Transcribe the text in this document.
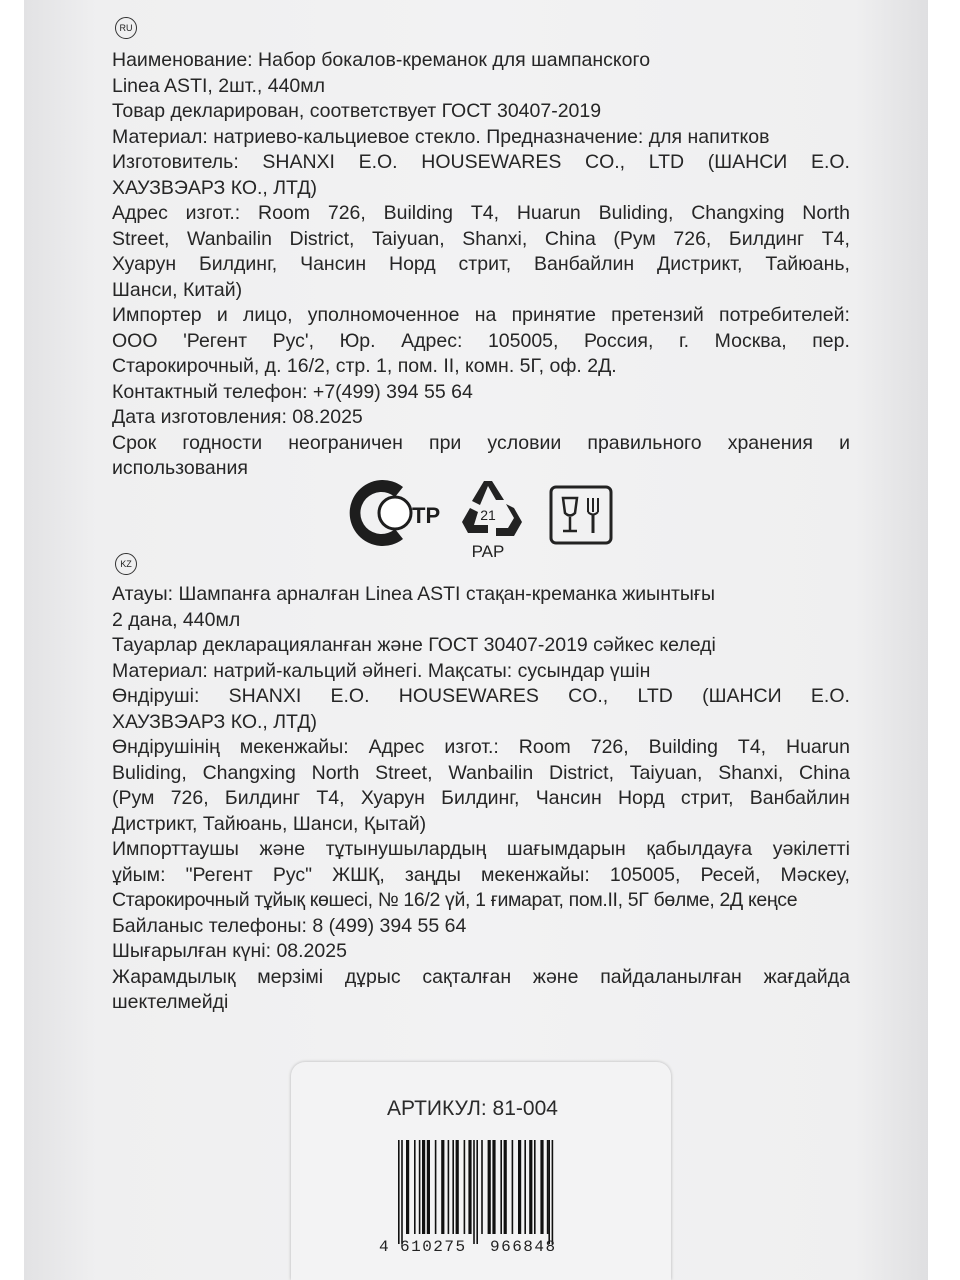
RU
Наименование: Набор бокалов-креманок для шампанского
Linea ASTI, 2шт., 440мл
Товар декларирован, соответствует ГОСТ 30407-2019
Материал: натриево-кальциевое стекло. Предназначение: для напитков
Изготовитель: SHANXI E.O. HOUSEWARES CO., LTD (ШАНСИ Е.О.
ХАУЗВЭАРЗ КО., ЛТД)
Адрес изгот.: Room 726, Building T4, Huarun Buliding, Changxing North
Street, Wanbailin District, Taiyuan, Shanxi, China (Рум 726, Билдинг Т4,
Хуарун Билдинг, Чансин Норд стрит, Ванбайлин Дистрикт, Тайюань,
Шанси, Китай)
Импортер и лицо, уполномоченное на принятие претензий потребителей:
ООО 'Регент Рус', Юр. Адрес: 105005, Россия, г. Москва, пер.
Старокирочный, д. 16/2, стр. 1, пом. II, комн. 5Г, оф. 2Д.
Контактный телефон: +7(499) 394 55 64
Дата изготовления: 08.2025
Срок годности неограничен при условии правильного хранения и
использования
ТР	21
PAP
KZ
Атауы: Шампанға арналған Linea ASTI стақан-креманка жиынтығы
2 дана, 440мл
Тауарлар декларацияланған және ГОСТ 30407-2019 сәйкес келеді
Материал: натрий-кальций әйнегі. Мақсаты: сусындар үшін
Өндіруші: SHANXI E.O. HOUSEWARES CO., LTD (ШАНСИ Е.О.
ХАУЗВЭАРЗ КО., ЛТД)
Өндірушінің мекенжайы: Адрес изгот.: Room 726, Building T4, Huarun
Buliding, Changxing North Street, Wanbailin District, Taiyuan, Shanxi, China
(Рум 726, Билдинг Т4, Хуарун Билдинг, Чансин Норд стрит, Ванбайлин
Дистрикт, Тайюань, Шанси, Қытай)
Импорттаушы және тұтынушылардың шағымдарын қабылдауға уәкілетті
ұйым: "Регент Рус" ЖШҚ, заңды мекенжайы: 105005, Ресей, Мәскеу,
Старокирочный тұйық көшесі, № 16/2 үй, 1 ғимарат, пом.II, 5Г бөлме, 2Д кеңсе
Байланыс телефоны: 8 (499) 394 55 64
Шығарылған күні: 08.2025
Жарамдылық мерзімі дұрыс сақталған және пайдаланылған жағдайда
шектелмейді
АРТИКУЛ: 81-004
4 610275 966848
